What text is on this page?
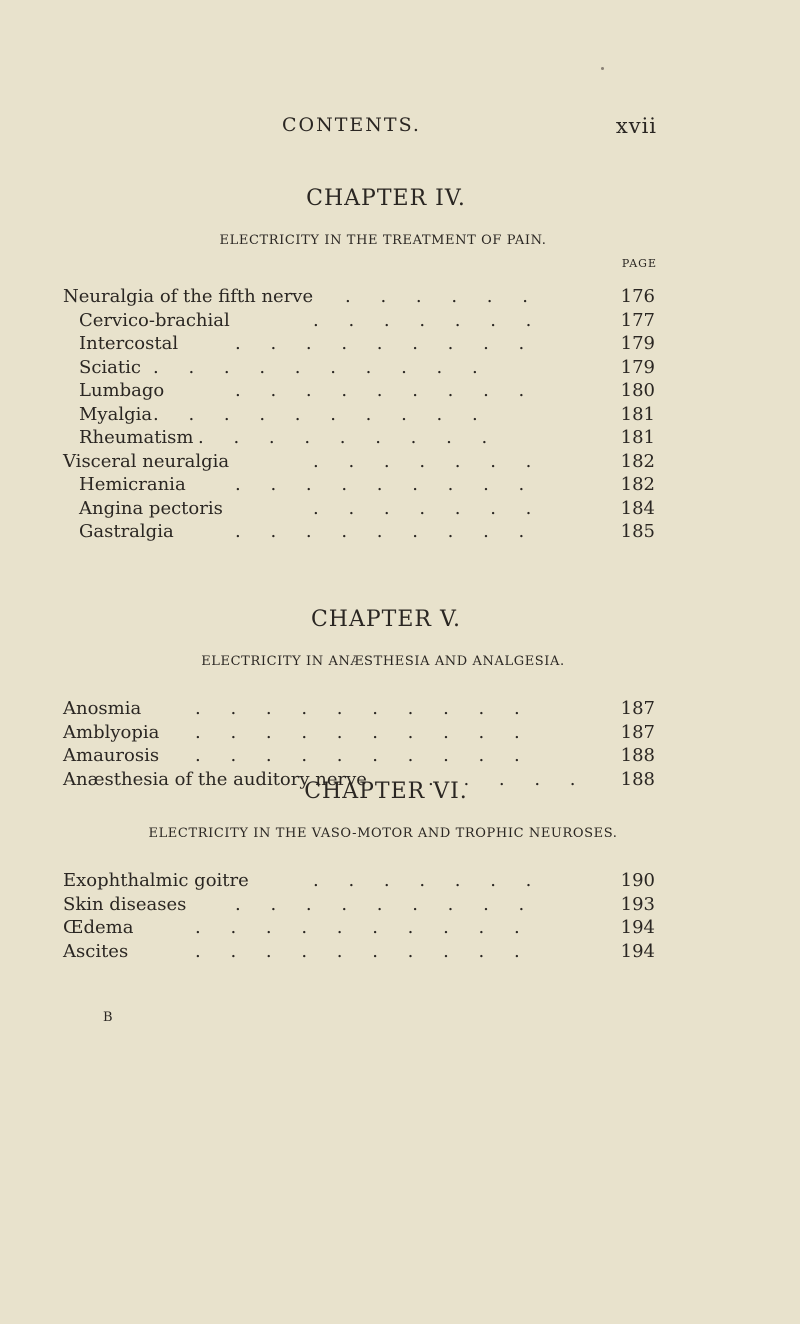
CONTENTS.	xvii
CHAPTER IV.
ELECTRICITY IN THE TREATMENT OF PAIN.
PAGE
Neuralgia of the fifth nerve . . . . . .	176
Cervico-brachial	. . . . . . .	177
Intercostal	. . . . . . . . .	179
Sciatic . . . . . . . . . .	179
Lumbago	. . . . . . . . .	180
Myalgia . . . . . . . . . .	181
Rheumatism . . . . . . . . .	181
Visceral neuralgia	. . . . . . .	182
Hemicrania	. . . . . . . . .	182
Angina pectoris	. . . . . . .	184
Gastralgia	. . . . . . . . .	185
CHAPTER V.
ELECTRICITY IN ANÆSTHESIA AND ANALGESIA.
Anosmia	. . . . . . . . . .	187
Amblyopia . . . . . . . . . .	187
Amaurosis . . . . . . . . . .	188
Anæsthesia of the auditory nerve	. . . . . 188
CHAPTER VI.
ELECTRICITY IN THE VASO-MOTOR AND TROPHIC NEUROSES.
Exophthalmic goitre	. . . . . . .	190
Skin diseases	. . . . . . . . .	193
Œdema	. . . . . . . . . .	194
Ascites	. . . . . . . . . .	194
B
